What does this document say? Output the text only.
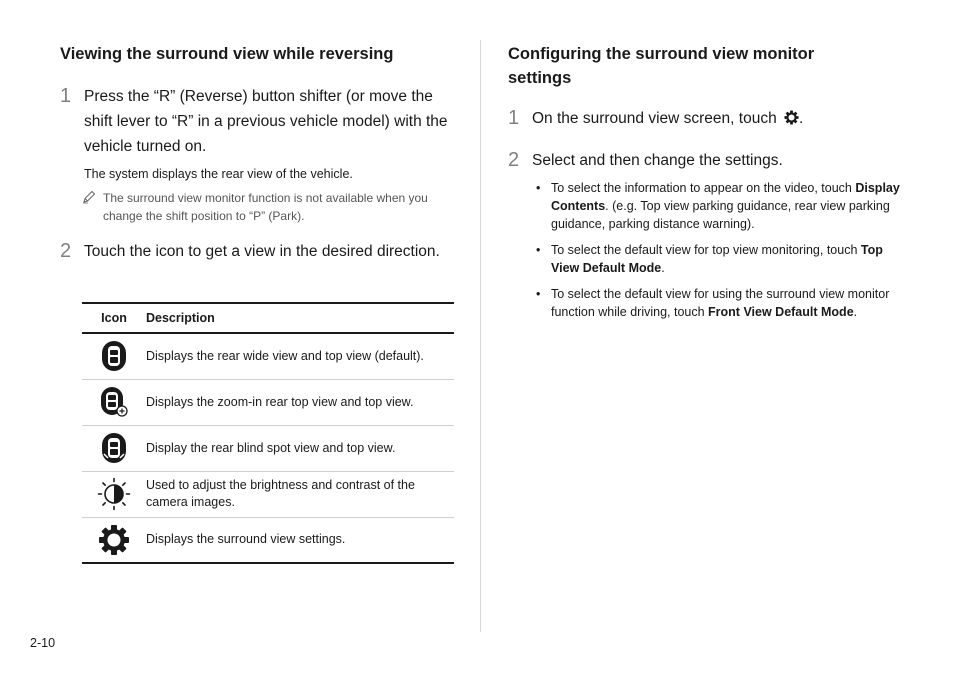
Viewing the surround view while reversing
1 Press the “R” (Reverse) button shifter (or move the shift lever to “R” in a previous vehicle model) with the vehicle turned on.
The system displays the rear view of the vehicle.
The surround view monitor function is not available when you change the shift position to “P” (Park).
2 Touch the icon to get a view in the desired direction.
Icon	Description

	Displays the rear wide view and top view (default).

	Displays the zoom-in rear top view and top view.

	Display the rear blind spot view and top view.

	Used to adjust the brightness and contrast of the camera images.

	Displays the surround view settings.
Configuring the surround view monitor settings
1 On the surround view screen, touch .
2 Select and then change the settings.
• To select the information to appear on the video, touch Display Contents. (e.g. Top view parking guidance, rear view parking guidance, parking distance warning).
• To select the default view for top view monitoring, touch Top View Default Mode.
• To select the default view for using the surround view monitor function while driving, touch Front View Default Mode.
2-10
